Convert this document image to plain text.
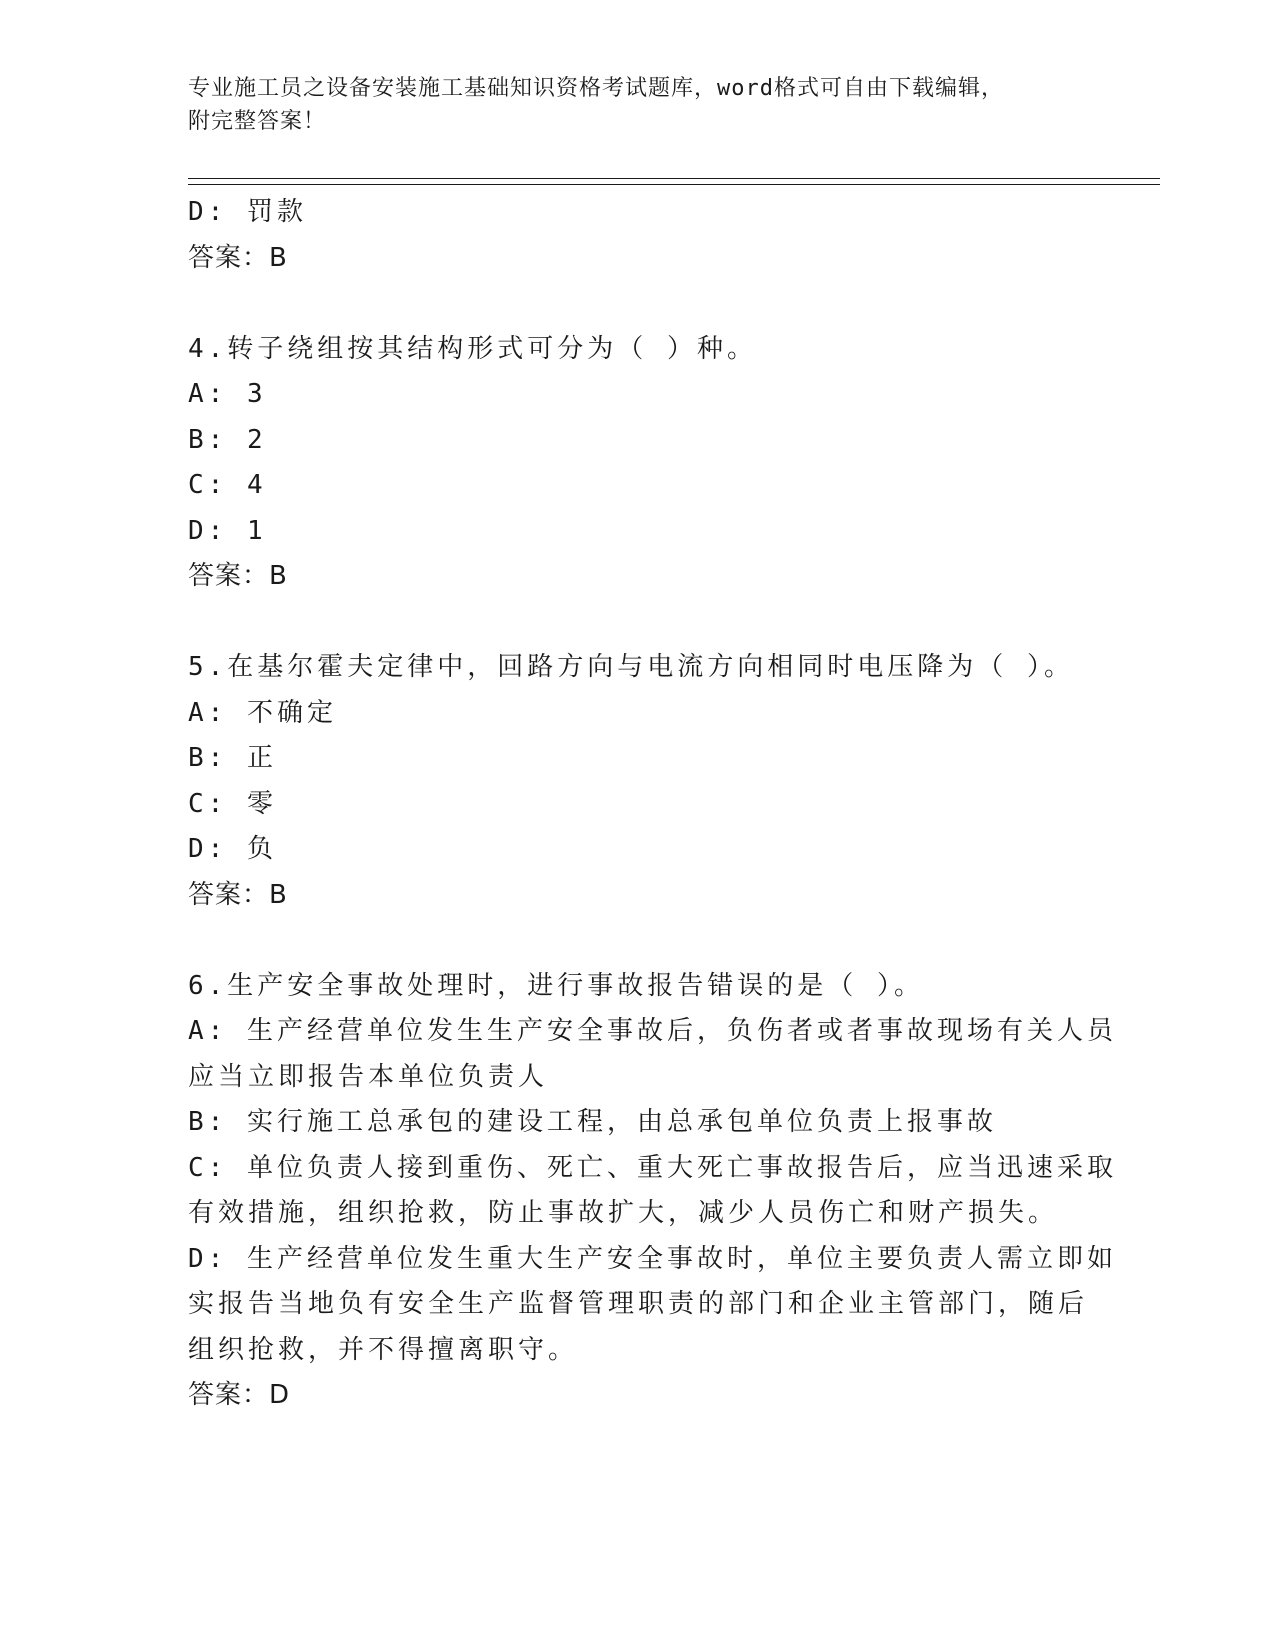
专业施工员之设备安装施工基础知识资格考试题库，word格式可自由下载编辑，
附完整答案！
D: 罚款
答案：B
4.转子绕组按其结构形式可分为（ ）种。
A: 3
B: 2
C: 4
D: 1
答案：B
5.在基尔霍夫定律中，回路方向与电流方向相同时电压降为（ ）。
A: 不确定
B: 正
C: 零
D: 负
答案：B
6.生产安全事故处理时，进行事故报告错误的是（ ）。
A: 生产经营单位发生生产安全事故后，负伤者或者事故现场有关人员
应当立即报告本单位负责人
B: 实行施工总承包的建设工程，由总承包单位负责上报事故
C: 单位负责人接到重伤、死亡、重大死亡事故报告后，应当迅速采取
有效措施，组织抢救，防止事故扩大，减少人员伤亡和财产损失。
D: 生产经营单位发生重大生产安全事故时，单位主要负责人需立即如
实报告当地负有安全生产监督管理职责的部门和企业主管部门，随后
组织抢救，并不得擅离职守。
答案：D
